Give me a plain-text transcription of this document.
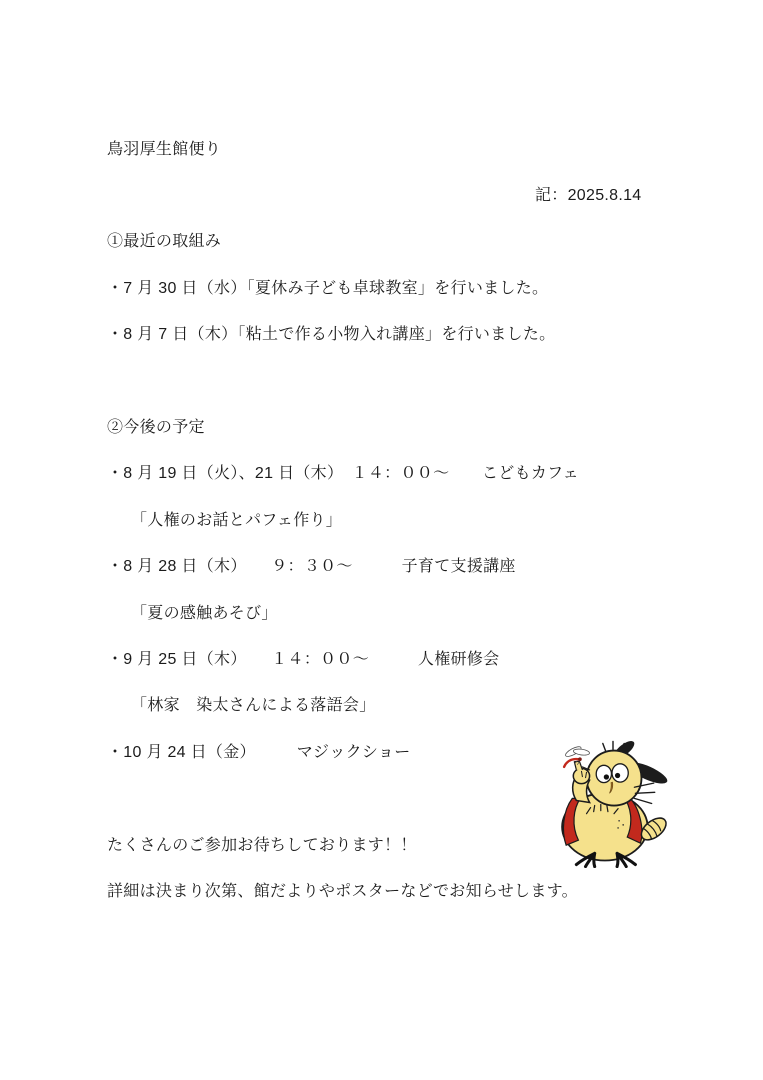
鳥羽厚生館便り
記：2025.8.14
①最近の取組み
・7 月 30 日（水）「夏休み子ども卓球教室」を行いました。
・8 月 7 日（木）「粘土で作る小物入れ講座」を行いました。
②今後の予定
・8 月 19 日（火）、21 日（木）　１４：００～　　こどもカフェ
「人権のお話とパフェ作り」
・8 月 28 日（木）　　９：３０～　　　子育て支援講座
「夏の感触あそび」
・9 月 25 日（木）　　１４：００～　　　人権研修会
「林家　染太さんによる落語会」
・10 月 24 日（金）　　　マジックショー
たくさんのご参加お待ちしております！！
詳細は決まり次第、館だよりやポスターなどでお知らせします。
